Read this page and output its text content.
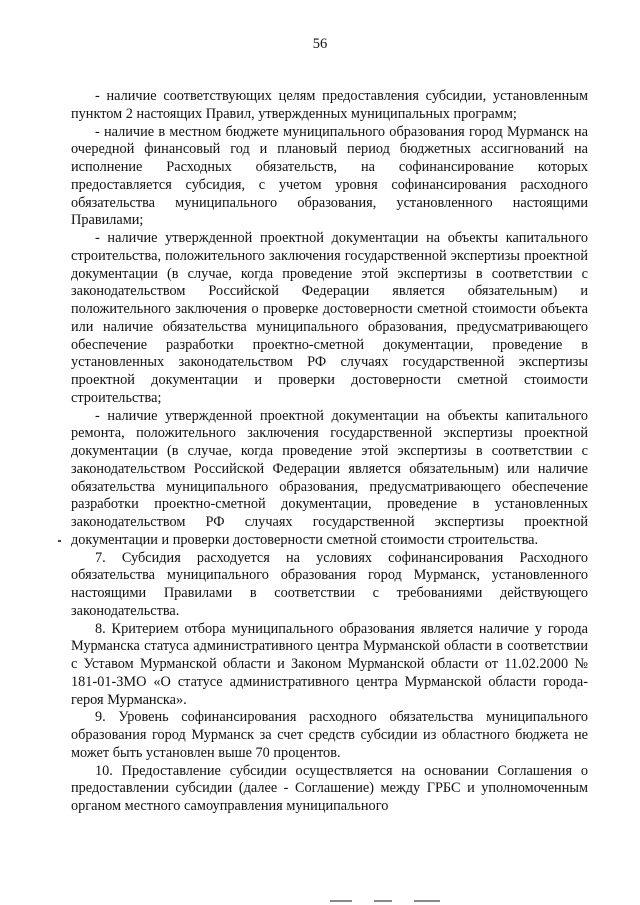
56

- наличие соответствующих целям предоставления субсидии, установленным пунктом 2 настоящих Правил, утвержденных муниципальных программ;

- наличие в местном бюджете муниципального образования город Мурманск на очередной финансовый год и плановый период бюджетных ассигнований на исполнение Расходных обязательств, на софинансирование которых предоставляется субсидия, с учетом уровня софинансирования расходного обязательства муниципального образования, установленного настоящими Правилами;

- наличие утвержденной проектной документации на объекты капитального строительства, положительного заключения государственной экспертизы проектной документации (в случае, когда проведение этой экспертизы в соответствии с законодательством Российской Федерации является обязательным) и положительного заключения о проверке достоверности сметной стоимости объекта или наличие обязательства муниципального образования, предусматривающего обеспечение разработки проектно-сметной документации, проведение в установленных законодательством РФ случаях государственной экспертизы проектной документации и проверки достоверности сметной стоимости строительства;

- наличие утвержденной проектной документации на объекты капитального ремонта, положительного заключения государственной экспертизы проектной документации (в случае, когда проведение этой экспертизы в соответствии с законодательством Российской Федерации является обязательным) или наличие обязательства муниципального образования, предусматривающего обеспечение разработки проектно-сметной документации, проведение в установленных законодательством РФ случаях государственной экспертизы проектной документации и проверки достоверности сметной стоимости строительства.

7. Субсидия расходуется на условиях софинансирования Расходного обязательства муниципального образования город Мурманск, установленного настоящими Правилами в соответствии с требованиями действующего законодательства.

8. Критерием отбора муниципального образования является наличие у города Мурманска статуса административного центра Мурманской области в соответствии с Уставом Мурманской области и Законом Мурманской области от 11.02.2000 № 181-01-ЗМО «О статусе административного центра Мурманской области города-героя Мурманска».

9. Уровень софинансирования расходного обязательства муниципального образования город Мурманск за счет средств субсидии из областного бюджета не может быть установлен выше 70 процентов.

10. Предоставление субсидии осуществляется на основании Соглашения о предоставлении субсидии (далее - Соглашение) между ГРБС и уполномоченным органом местного самоуправления муниципального
